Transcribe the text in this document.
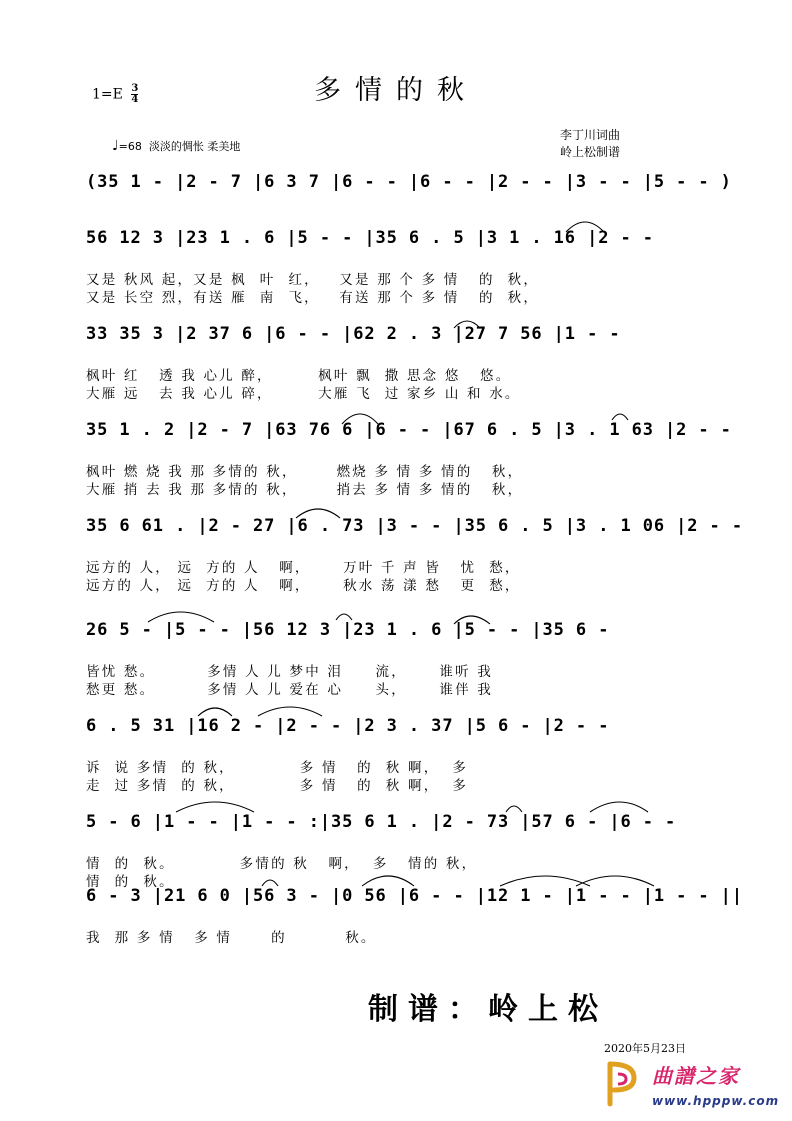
$1=E \frac{3}{4}$	多情的秋
♩=68 淡淡的惆怅 柔美地
李丁川词曲
岭上松制谱
(35 1 - |2 - 7 |6 3 7 |6 - - |6 - - |2 - - |3 - - |5 - - )
56 12 3 |23 1 . 6 |5 - - |35 6 . 5 |3 1 . 16 |2 - -
又是 秋风 起，又是 枫  叶  红，   又是 那 个 多 情   的  秋，
又是 长空 烈，有送 雁  南  飞，   有送 那 个 多 情   的  秋，
33 35 3 |2 37 6 |6 - - |62 2 . 3 |27 7 56 |1 - -
枫叶 红   透 我 心儿 醉，       枫叶 飘  撒 思念 悠   悠。
大雁 远   去 我 心儿 碎，       大雁 飞  过 家乡 山 和 水。
35 1 . 2 |2 - 7 |63 76 6 |6 - - |67 6 . 5 |3 . 1 63 |2 - -
枫叶 燃 烧 我 那 多情的 秋，      燃烧 多 情 多 情的   秋，
大雁 捎 去 我 那 多情的 秋，      捎去 多 情 多 情的   秋，
35 6 61 . |2 - 27 |6 . 73 |3 - - |35 6 . 5 |3 . 1 06 |2 - -
远方的 人， 远  方的 人   啊，     万叶 千 声 皆   忧  愁，
远方的 人， 远  方的 人   啊，     秋水 荡 漾 愁   更  愁，
26 5 - |5 - - |56 12 3 |23 1 . 6 |5 - - |35 6 -
皆忧 愁。        多情 人 儿 梦中 泪     流，     谁听 我
愁更 愁。        多情 人 儿 爱在 心     头，     谁伴 我
6 . 5 31 |16 2 - |2 - - |2 3 . 37 |5 6 - |2 - -
诉  说 多情  的 秋，          多 情   的  秋 啊，  多
走  过 多情  的 秋，          多 情   的  秋 啊，  多
5 - 6 |1 - - |1 - - :|35 6 1 . |2 - 73 |57 6 - |6 - -
情  的  秋。          多情的 秋   啊，  多   情的 秋，
情  的  秋。
6 - 3 |21 6 0 |56 3 - |0 56 |6 - - |12 1 - |1 - - |1 - - ||
我  那 多 情   多 情      的         秋。
制谱：岭上松
2020年5月23日
曲譜之家
www.hpppw.com
